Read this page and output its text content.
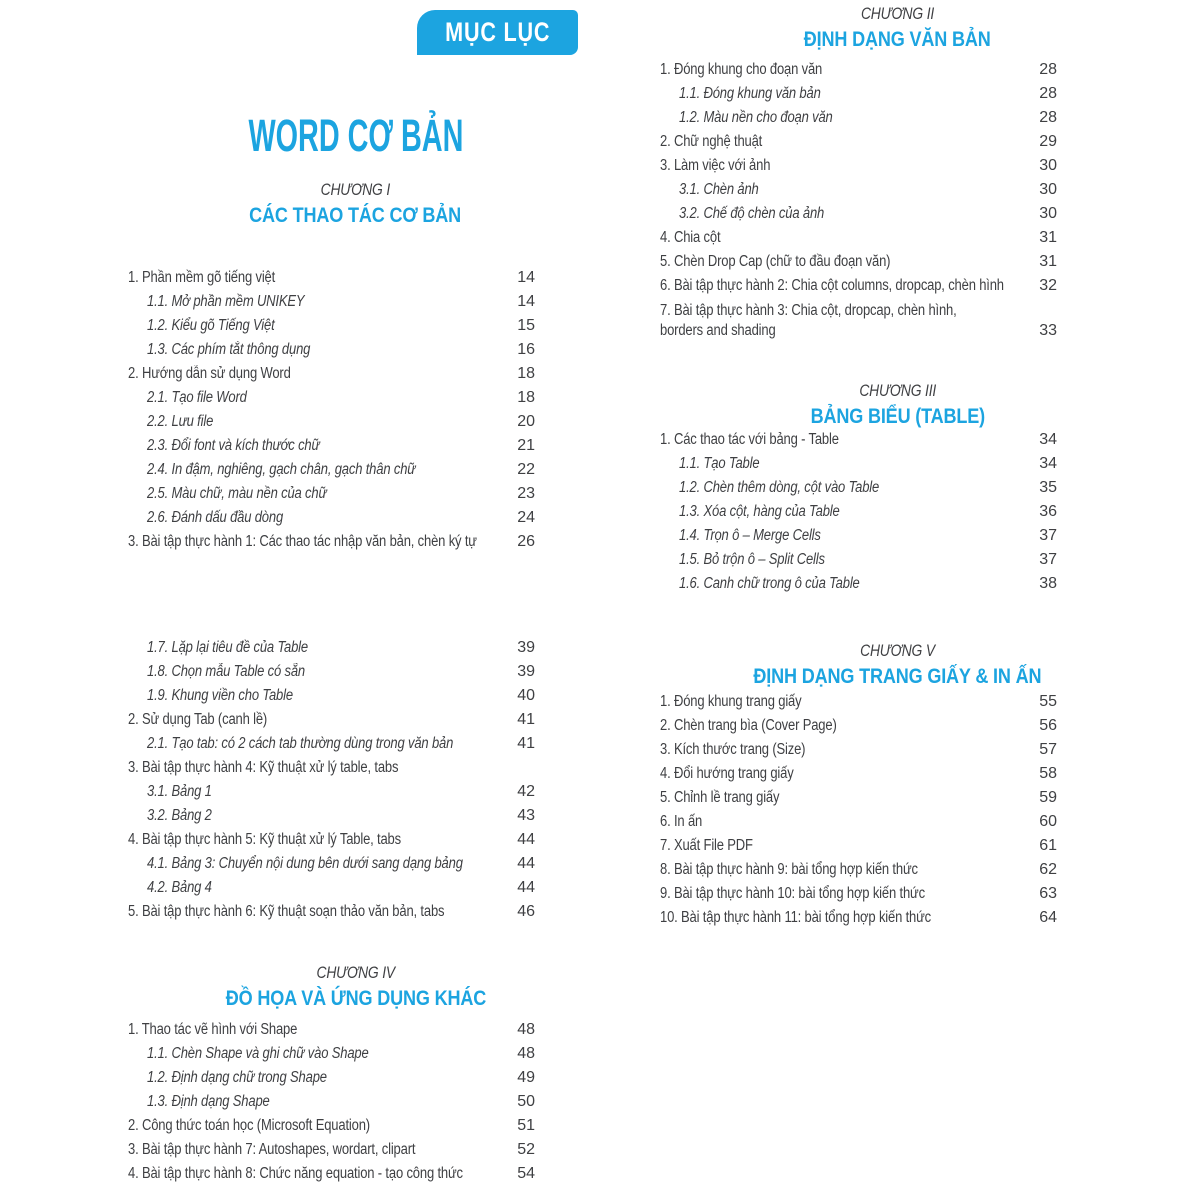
MỤC LỤC
WORD CƠ BẢN
CHƯƠNG I
CÁC THAO TÁC CƠ BẢN
1. Phần mềm gõ tiếng việt	14
1.1. Mở phần mềm UNIKEY	14
1.2. Kiểu gõ Tiếng Việt	15
1.3. Các phím tắt thông dụng	16
2. Hướng dẫn sử dụng Word	18
2.1. Tạo file Word	18
2.2. Lưu file	20
2.3. Đổi font và kích thước chữ	21
2.4. In đậm, nghiêng, gạch chân, gạch thân chữ	22
2.5. Màu chữ, màu nền của chữ	23
2.6. Đánh dấu đầu dòng	24
3. Bài tập thực hành 1: Các thao tác nhập văn bản, chèn ký tự	26
1.7. Lặp lại tiêu đề của Table	39
1.8. Chọn mẫu Table có sẵn	39
1.9. Khung viền cho Table	40
2. Sử dụng Tab (canh lề)	41
2.1. Tạo tab: có 2 cách tab thường dùng trong văn bản	41
3. Bài tập thực hành 4: Kỹ thuật xử lý table, tabs
3.1. Bảng 1	42
3.2. Bảng 2	43
4. Bài tập thực hành 5: Kỹ thuật xử lý Table, tabs	44
4.1. Bảng 3: Chuyển nội dung bên dưới sang dạng bảng	44
4.2. Bảng 4	44
5. Bài tập thực hành 6: Kỹ thuật soạn thảo văn bản, tabs	46
CHƯƠNG IV
ĐỒ HỌA VÀ ỨNG DỤNG KHÁC
1. Thao tác vẽ hình với Shape	48
1.1. Chèn Shape và ghi chữ vào Shape	48
1.2. Định dạng chữ trong Shape	49
1.3. Định dạng Shape	50
2. Công thức toán học (Microsoft Equation)	51
3. Bài tập thực hành 7: Autoshapes, wordart, clipart	52
4. Bài tập thực hành 8: Chức năng equation - tạo công thức	54
CHƯƠNG II
ĐỊNH DẠNG VĂN BẢN
1. Đóng khung cho đoạn văn	28
1.1. Đóng khung văn bản	28
1.2. Màu nền cho đoạn văn	28
2. Chữ nghệ thuật	29
3. Làm việc với ảnh	30
3.1. Chèn ảnh	30
3.2. Chế độ chèn của ảnh	30
4. Chia cột	31
5. Chèn Drop Cap (chữ to đầu đoạn văn)	31
6. Bài tập thực hành 2: Chia cột columns, dropcap, chèn hình	32
7. Bài tập thực hành 3: Chia cột, dropcap, chèn hình,
borders and shading	33
CHƯƠNG III
BẢNG BIỂU (TABLE)
1. Các thao tác với bảng - Table	34
1.1. Tạo Table	34
1.2. Chèn thêm dòng, cột vào Table	35
1.3. Xóa cột, hàng của Table	36
1.4. Trọn ô – Merge Cells	37
1.5. Bỏ trộn ô – Split Cells	37
1.6. Canh chữ trong ô của Table	38
CHƯƠNG V
ĐỊNH DẠNG TRANG GIẤY & IN ẤN
1. Đóng khung trang giấy	55
2. Chèn trang bìa (Cover Page)	56
3. Kích thước trang (Size)	57
4. Đổi hướng trang giấy	58
5. Chỉnh lề trang giấy	59
6. In ấn	60
7. Xuất File PDF	61
8. Bài tập thực hành 9: bài tổng hợp kiến thức	62
9. Bài tập thực hành 10: bài tổng hợp kiến thức	63
10. Bài tập thực hành 11: bài tổng hợp kiến thức	64
